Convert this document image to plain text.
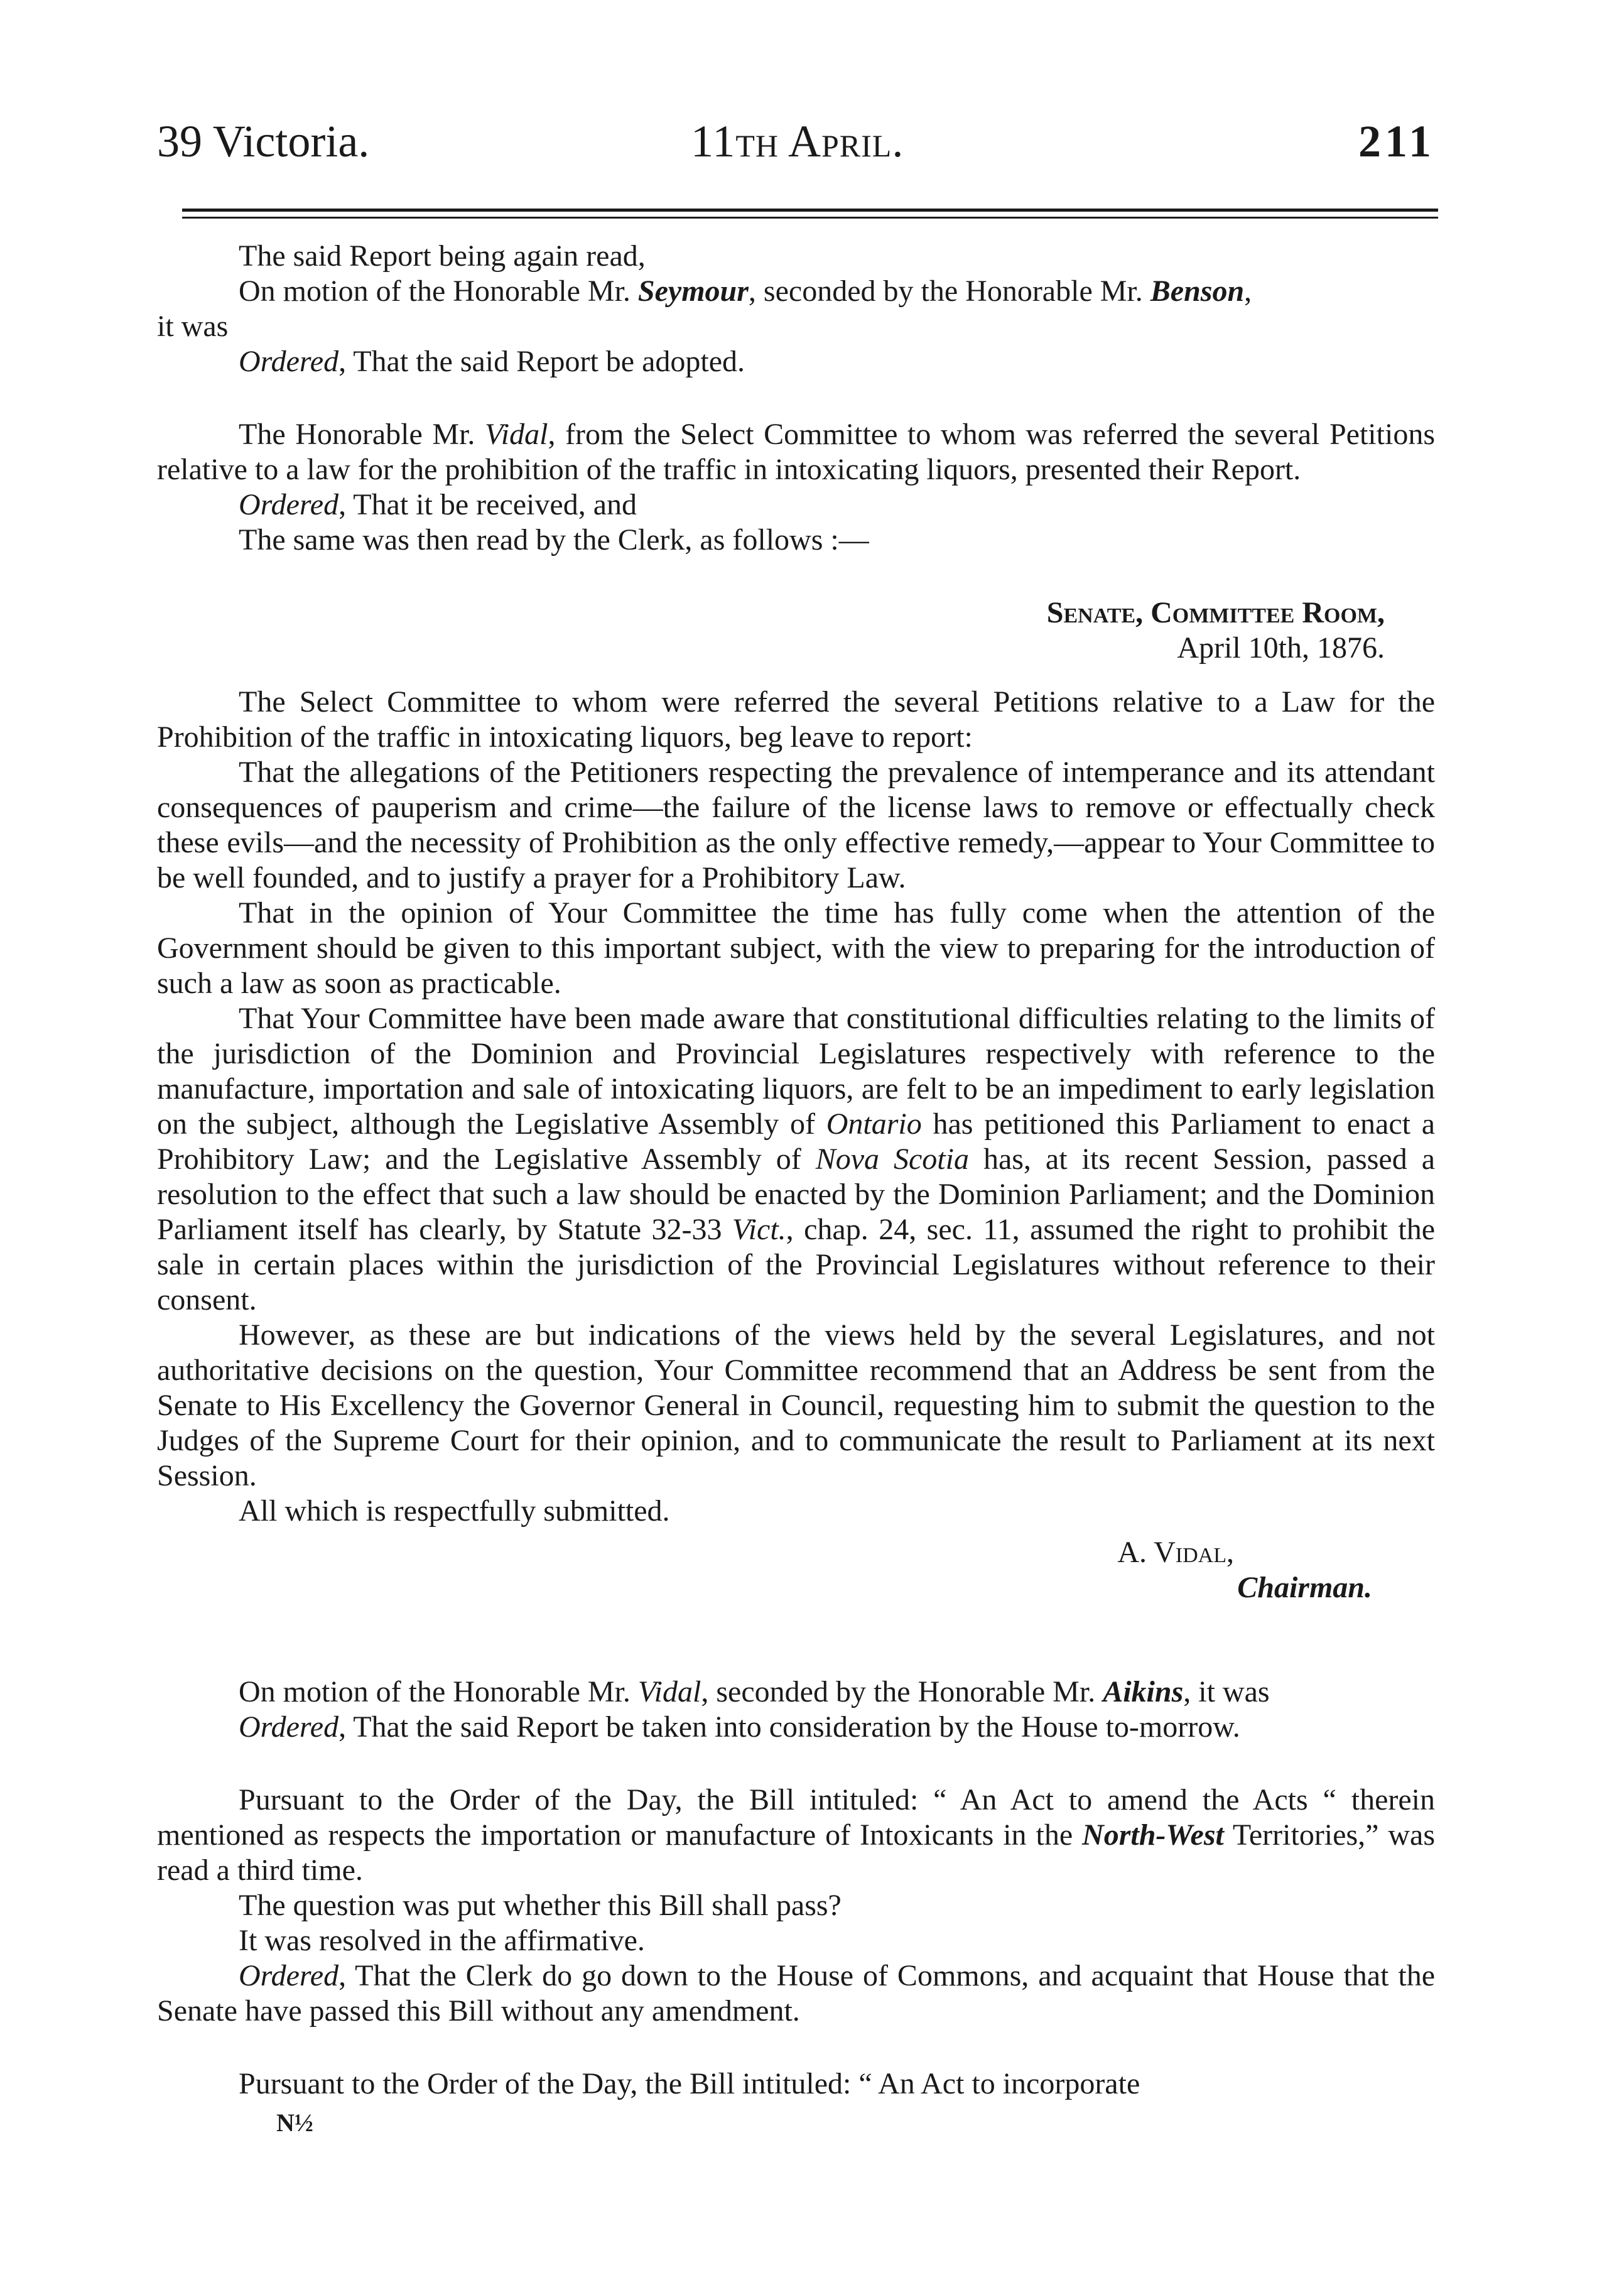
39 Victoria.	11th April.	211

The said Report being again read,

On motion of the Honorable Mr. Seymour, seconded by the Honorable Mr. Benson,

it was

Ordered, That the said Report be adopted.

The Honorable Mr. Vidal, from the Select Committee to whom was referred the several Petitions relative to a law for the prohibition of the traffic in intoxicating liquors, presented their Report.

Ordered, That it be received, and

The same was then read by the Clerk, as follows :—

Senate, Committee Room,
April 10th, 1876.

The Select Committee to whom were referred the several Petitions relative to a Law for the Prohibition of the traffic in intoxicating liquors, beg leave to report:

That the allegations of the Petitioners respecting the prevalence of intemperance and its attendant consequences of pauperism and crime—the failure of the license laws to remove or effectually check these evils—and the necessity of Prohibition as the only effective remedy,—appear to Your Committee to be well founded, and to justify a prayer for a Prohibitory Law.

That in the opinion of Your Committee the time has fully come when the attention of the Government should be given to this important subject, with the view to preparing for the introduction of such a law as soon as practicable.

That Your Committee have been made aware that constitutional difficulties relating to the limits of the jurisdiction of the Dominion and Provincial Legislatures respectively with reference to the manufacture, importation and sale of intoxicating liquors, are felt to be an impediment to early legislation on the subject, although the Legislative Assembly of Ontario has petitioned this Parliament to enact a Prohibitory Law; and the Legislative Assembly of Nova Scotia has, at its recent Session, passed a resolution to the effect that such a law should be enacted by the Dominion Parliament; and the Dominion Parliament itself has clearly, by Statute 32-33 Vict., chap. 24, sec. 11, assumed the right to prohibit the sale in certain places within the jurisdiction of the Provincial Legislatures without reference to their consent.

However, as these are but indications of the views held by the several Legislatures, and not authoritative decisions on the question, Your Committee recommend that an Address be sent from the Senate to His Excellency the Governor General in Council, requesting him to submit the question to the Judges of the Supreme Court for their opinion, and to communicate the result to Parliament at its next Session.

All which is respectfully submitted.

A. Vidal,
Chairman.

On motion of the Honorable Mr. Vidal, seconded by the Honorable Mr. Aikins, it was

Ordered, That the said Report be taken into consideration by the House to-morrow.

Pursuant to the Order of the Day, the Bill intituled: “ An Act to amend the Acts “ therein mentioned as respects the importation or manufacture of Intoxicants in the North-West Territories,” was read a third time.

The question was put whether this Bill shall pass?

It was resolved in the affirmative.

Ordered, That the Clerk do go down to the House of Commons, and acquaint that House that the Senate have passed this Bill without any amendment.

Pursuant to the Order of the Day, the Bill intituled: “ An Act to incorporate

N½
